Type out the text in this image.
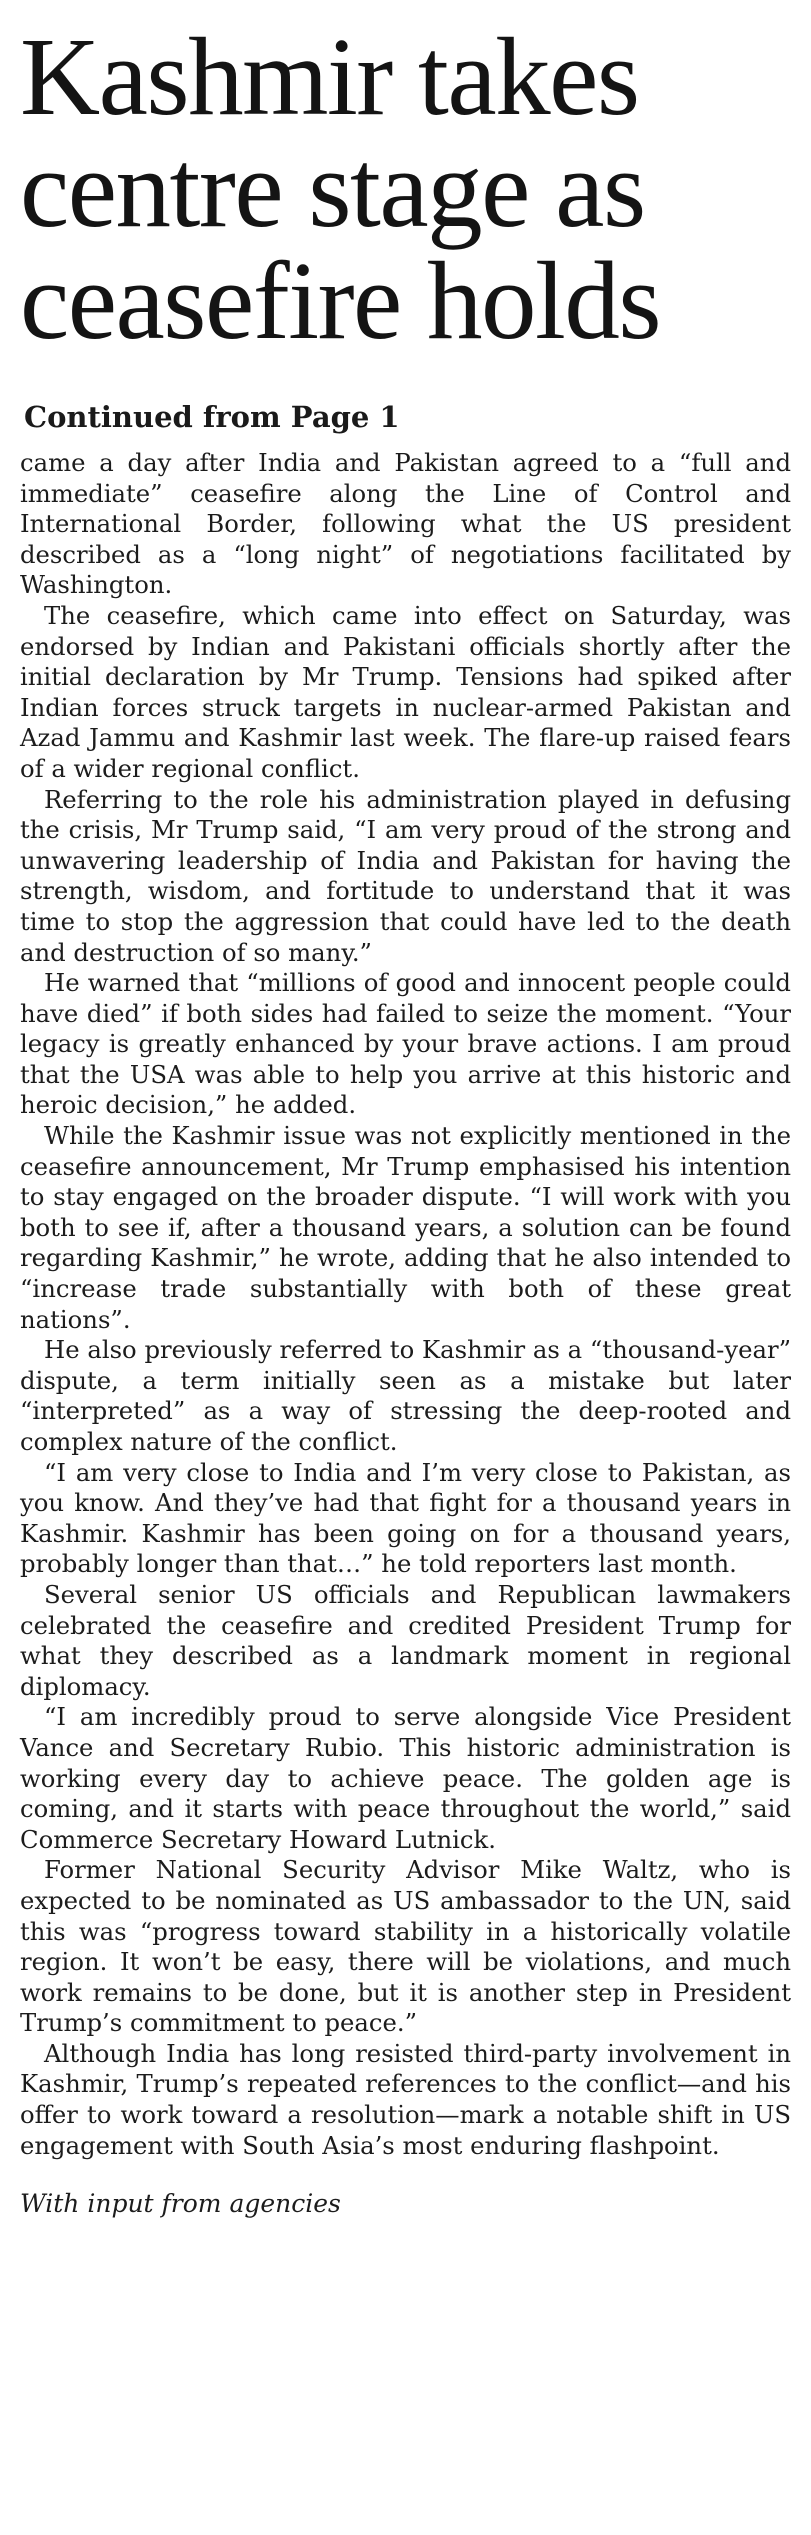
Kashmir takes centre stage as ceasefire holds
Continued from Page 1

came a day after India and Pakistan agreed to a “full and immediate” ceasefire along the Line of Control and International Border, following what the US president described as a “long night” of negotiations facilitated by Washington.

The ceasefire, which came into effect on Saturday, was endorsed by Indian and Pakistani officials shortly after the initial declaration by Mr Trump. Tensions had spiked after Indian forces struck targets in nuclear-armed Pakistan and Azad Jammu and Kashmir last week. The flare-up raised fears of a wider regional conflict.

Referring to the role his administration played in defusing the crisis, Mr Trump said, “I am very proud of the strong and unwavering leadership of India and Pakistan for having the strength, wisdom, and fortitude to understand that it was time to stop the aggression that could have led to the death and destruction of so many.”

He warned that “millions of good and innocent people could have died” if both sides had failed to seize the moment. “Your legacy is greatly enhanced by your brave actions. I am proud that the USA was able to help you arrive at this historic and heroic decision,” he added.

While the Kashmir issue was not explicitly mentioned in the ceasefire announcement, Mr Trump emphasised his intention to stay engaged on the broader dispute. “I will work with you both to see if, after a thousand years, a solution can be found regarding Kashmir,” he wrote, adding that he also intended to “increase trade substantially with both of these great nations”.

He also previously referred to Kashmir as a “thousand-year” dispute, a term initially seen as a mistake but later “interpreted” as a way of stressing the deep-rooted and complex nature of the conflict.

“I am very close to India and I’m very close to Pakistan, as you know. And they’ve had that fight for a thousand years in Kashmir. Kashmir has been going on for a thousand years, probably longer than that…” he told reporters last month.

Several senior US officials and Republican lawmakers celebrated the ceasefire and credited President Trump for what they described as a landmark moment in regional diplomacy.

“I am incredibly proud to serve alongside Vice President Vance and Secretary Rubio. This historic administration is working every day to achieve peace. The golden age is coming, and it starts with peace throughout the world,” said Commerce Secretary Howard Lutnick.

Former National Security Advisor Mike Waltz, who is expected to be nominated as US ambassador to the UN, said this was “progress toward stability in a historically volatile region. It won’t be easy, there will be violations, and much work remains to be done, but it is another step in President Trump’s commitment to peace.”

Although India has long resisted third-party involvement in Kashmir, Trump’s repeated references to the conflict—and his offer to work toward a resolution—mark a notable shift in US engagement with South Asia’s most enduring flashpoint.

With input from agencies
